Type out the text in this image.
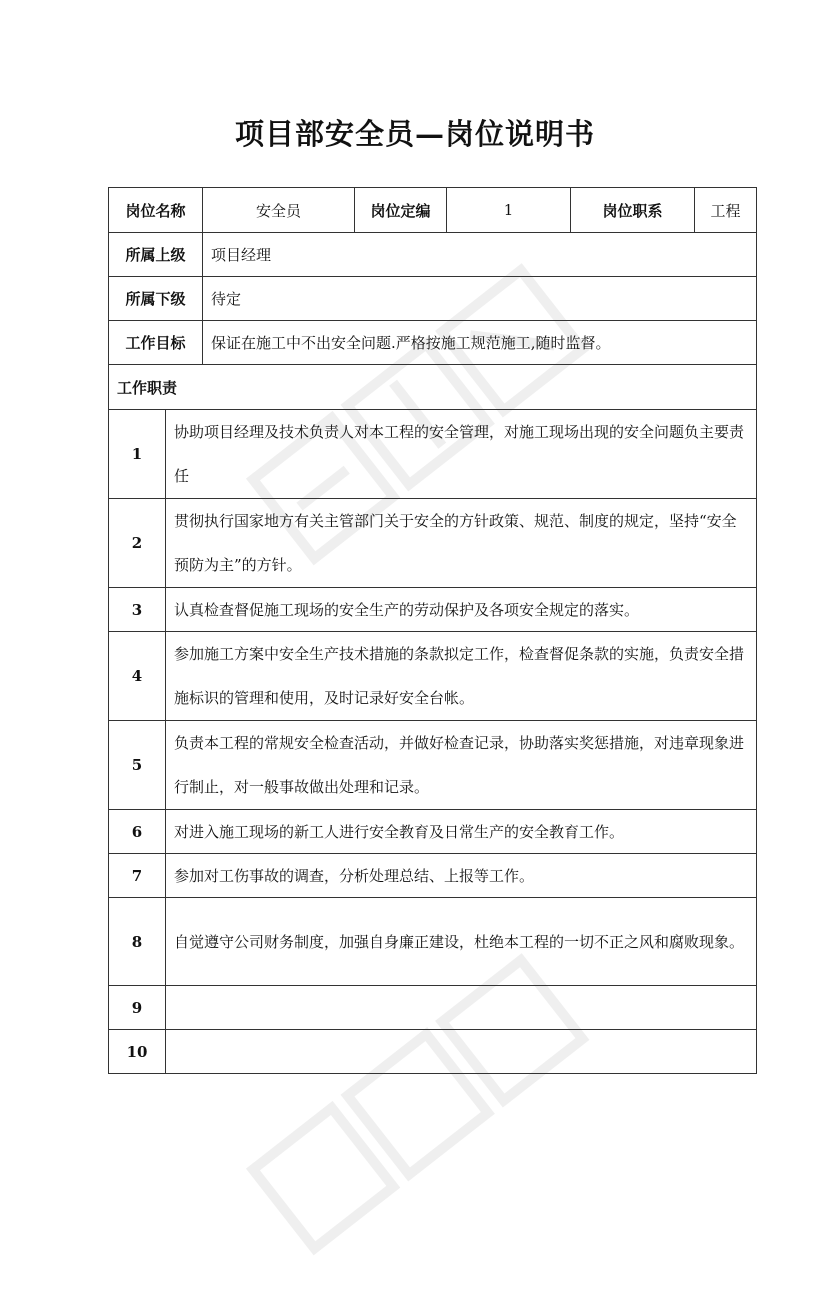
项目部安全员—岗位说明书
岗位名称		安全员	岗位定编	1	岗位职系	工程
所属上级		项目经理				
所属下级		待定				
工作目标		保证在施工中不出安全问题.严格按施工规范施工,随时监督。				
工作职责						
1	协助项目经理及技术负责人对本工程的安全管理，对施工现场出现的安全问题负主要责任					
2	贯彻执行国家地方有关主管部门关于安全的方针政策、规范、制度的规定，坚持“安全预防为主”的方针。					
3	认真检查督促施工现场的安全生产的劳动保护及各项安全规定的落实。					
4	参加施工方案中安全生产技术措施的条款拟定工作，检查督促条款的实施，负责安全措施标识的管理和使用，及时记录好安全台帐。					
5	负责本工程的常规安全检查活动，并做好检查记录，协助落实奖惩措施，对违章现象进行制止，对一般事故做出处理和记录。					
6	对进入施工现场的新工人进行安全教育及日常生产的安全教育工作。					
7	参加对工伤事故的调查，分析处理总结、上报等工作。					
8	自觉遵守公司财务制度，加强自身廉正建设，杜绝本工程的一切不正之风和腐败现象。					
9						
10						
